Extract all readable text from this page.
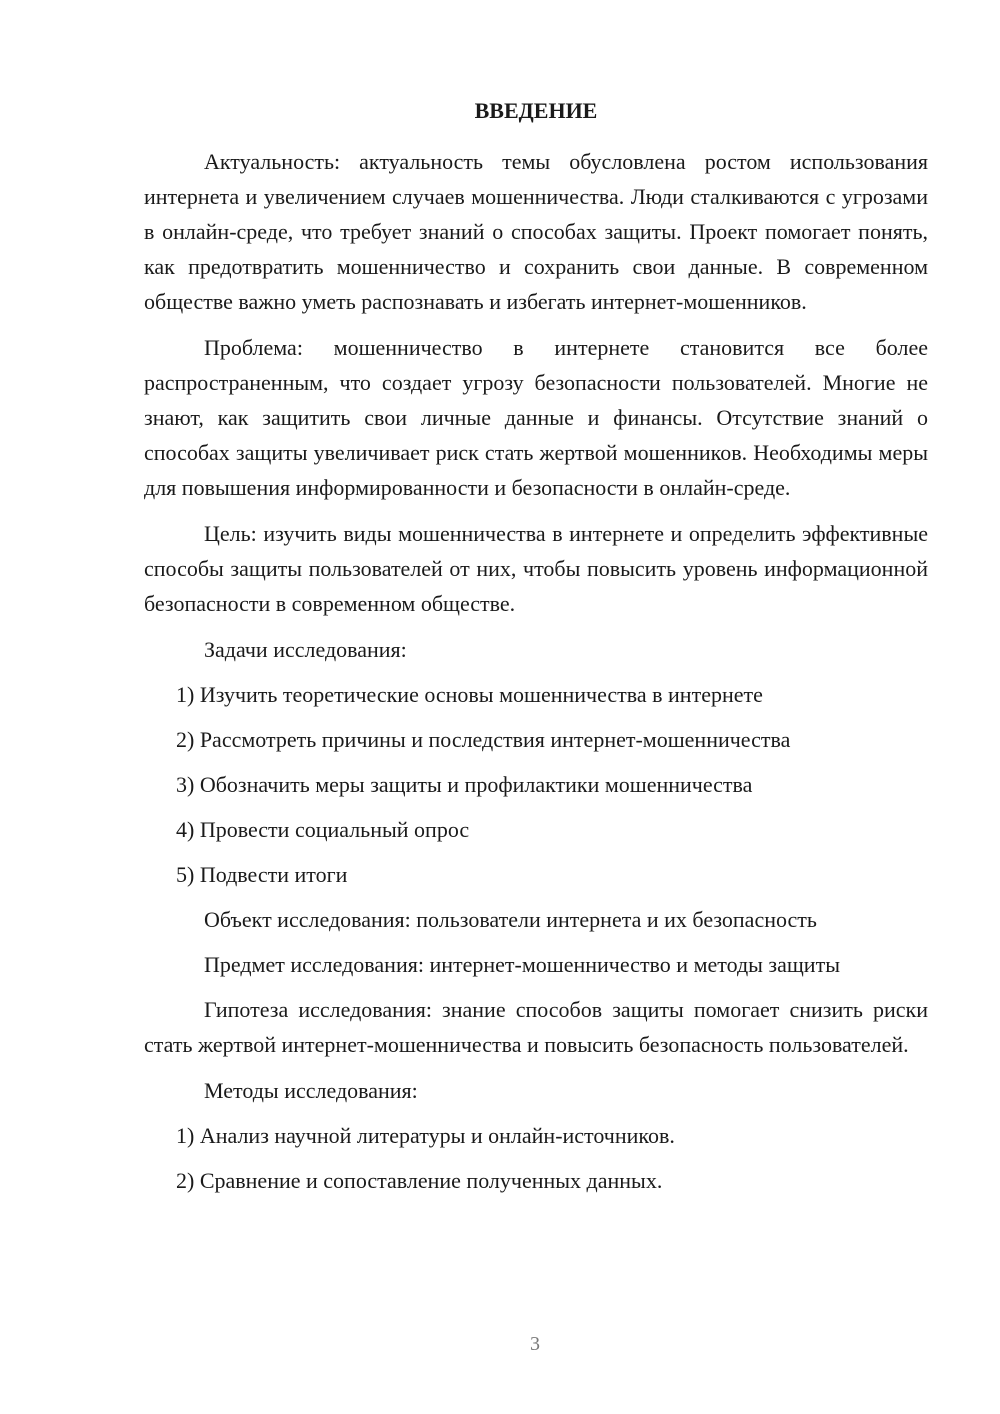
ВВЕДЕНИЕ

Актуальность: актуальность темы обусловлена ростом использования интернета и увеличением случаев мошенничества. Люди сталкиваются с угрозами в онлайн-среде, что требует знаний о способах защиты. Проект помогает понять, как предотвратить мошенничество и сохранить свои данные. В современном обществе важно уметь распознавать и избегать интернет-мошенников.

Проблема: мошенничество в интернете становится все более распространенным, что создает угрозу безопасности пользователей. Многие не знают, как защитить свои личные данные и финансы. Отсутствие знаний о способах защиты увеличивает риск стать жертвой мошенников. Необходимы меры для повышения информированности и безопасности в онлайн-среде.

Цель: изучить виды мошенничества в интернете и определить эффективные способы защиты пользователей от них, чтобы повысить уровень информационной безопасности в современном обществе.

Задачи исследования:

1) Изучить теоретические основы мошенничества в интернете

2) Рассмотреть причины и последствия интернет-мошенничества

3) Обозначить меры защиты и профилактики мошенничества

4) Провести социальный опрос

5) Подвести итоги

Объект исследования: пользователи интернета и их безопасность

Предмет исследования: интернет-мошенничество и методы защиты

Гипотеза исследования: знание способов защиты помогает снизить риски стать жертвой интернет-мошенничества и повысить безопасность пользователей.

Методы исследования:

1) Анализ научной литературы и онлайн-источников.

2) Сравнение и сопоставление полученных данных.

3
